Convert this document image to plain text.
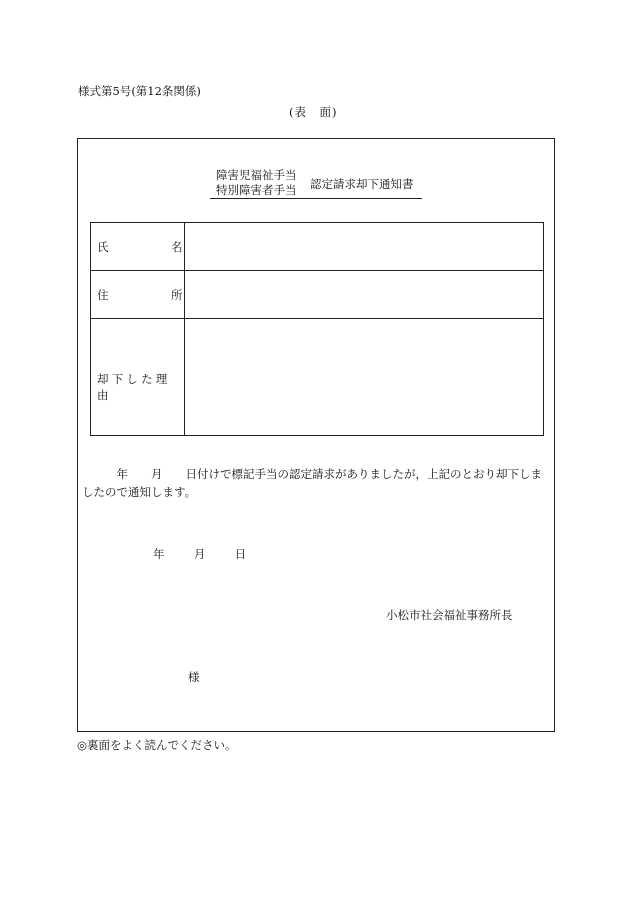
様式第5号(第12条関係)
(表　面)
障害児福祉手当
特別障害者手当 認定請求却下通知書
氏	名
住	所
却下した理由
　　　年　　月　　日付けで標記手当の認定請求がありましたが，上記のとおり却下しま
したので通知します。
年	月	日
小松市社会福祉事務所長
様
◎裏面をよく読んでください。
